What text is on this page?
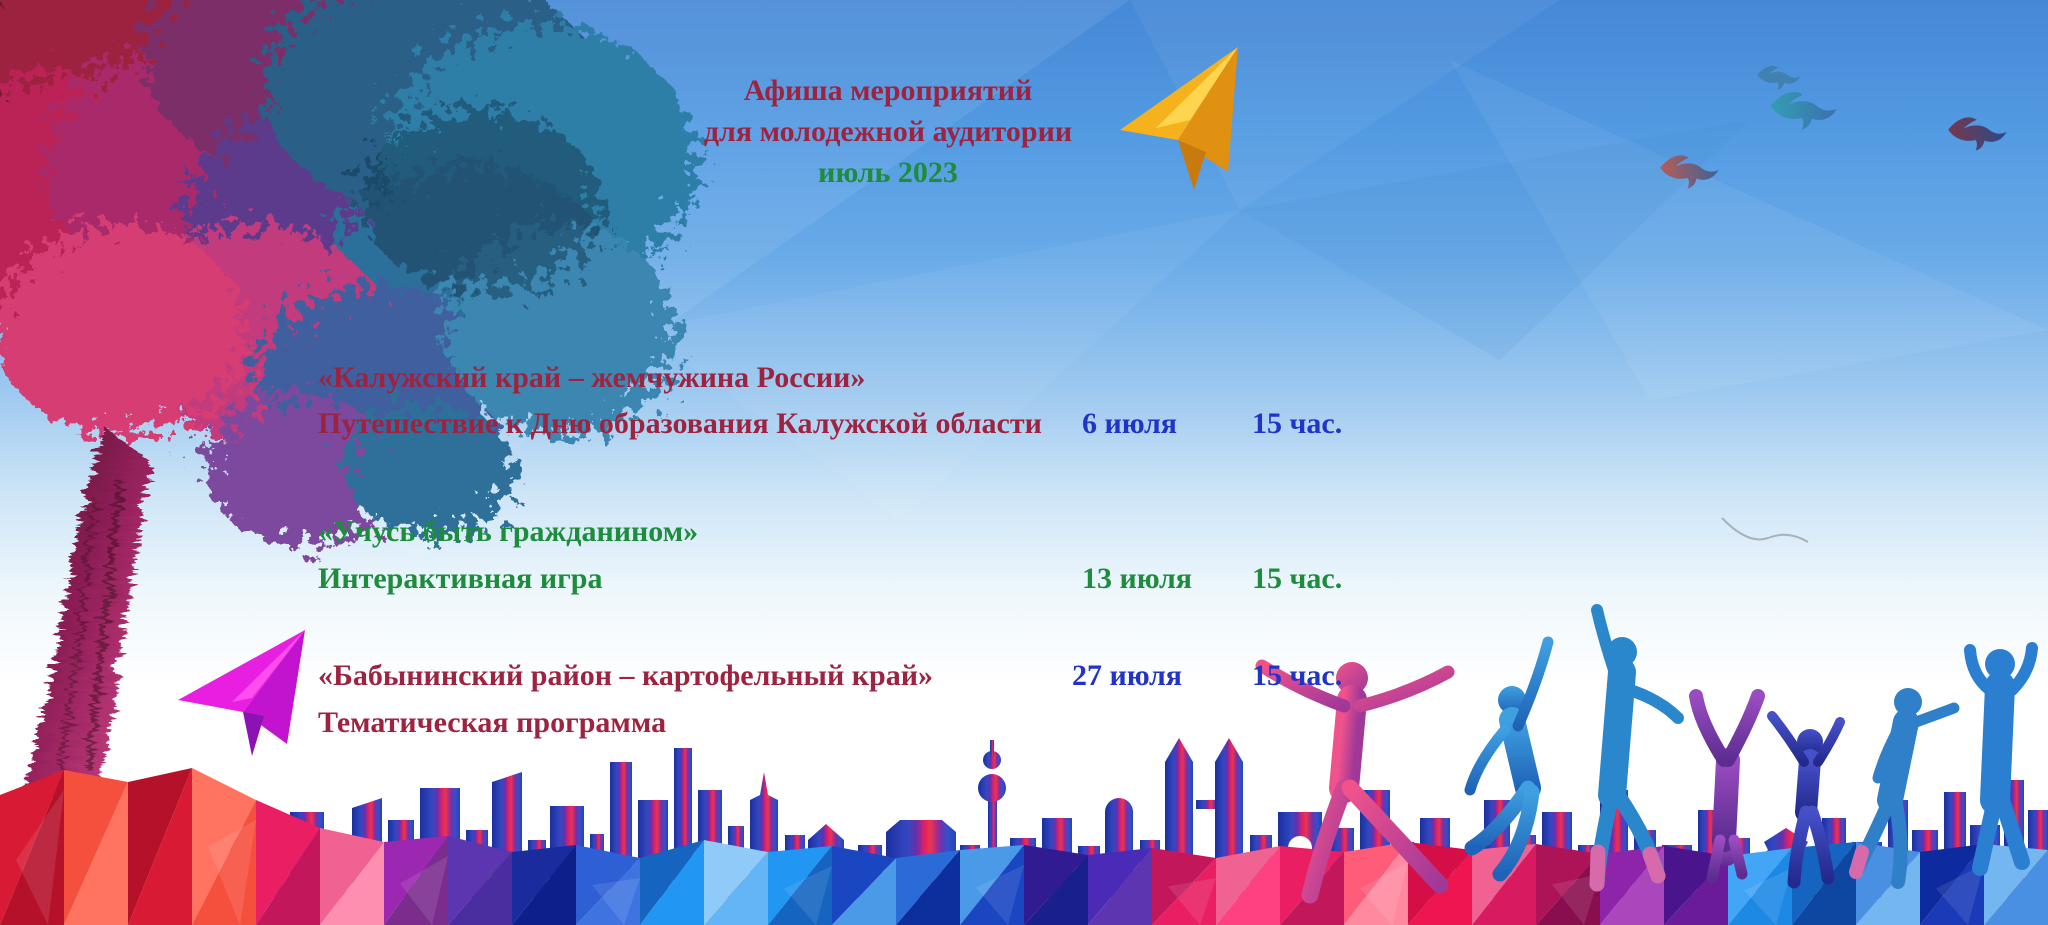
Афиша мероприятий
для молодежной аудитории
июль 2023
«Калужский край – жемчужина России»
Путешествие к Дню образования Калужской области 6 июля 15 час.
«Учусь быть гражданином»
Интерактивная игра	13 июля 15 час.
«Бабынинский район – картофельный край»	27 июля 15 час.
Тематическая программа
